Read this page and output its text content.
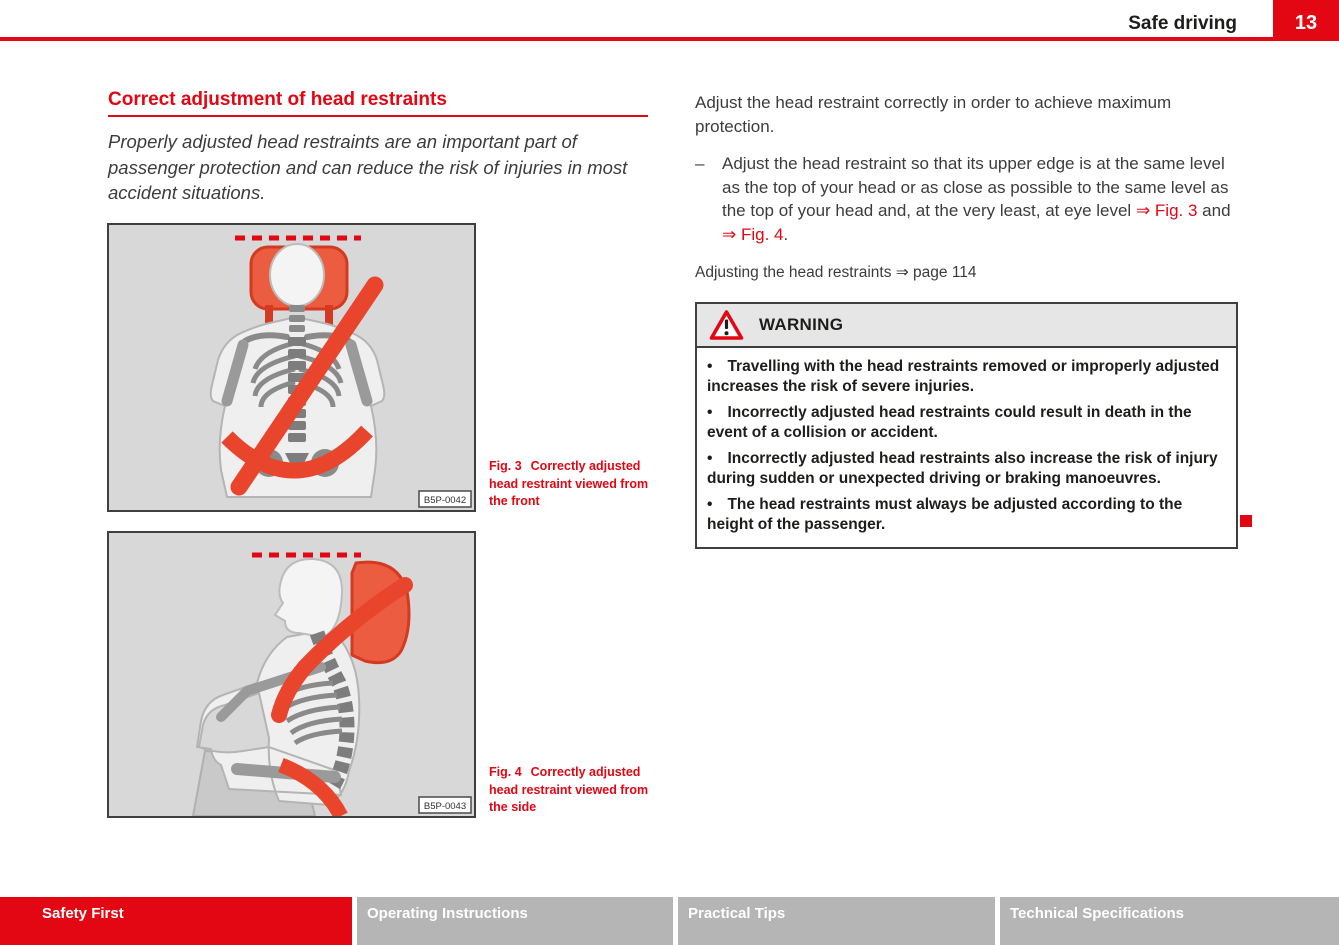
Safe driving	13
Correct adjustment of head restraints
Properly adjusted head restraints are an important part of passenger protection and can reduce the risk of injuries in most accident situations.
B5P-0042
Fig. 3 Correctly adjusted head restraint viewed from the front
B5P-0043
Fig. 4 Correctly adjusted head restraint viewed from the side
Adjust the head restraint correctly in order to achieve maximum protection.
–	Adjust the head restraint so that its upper edge is at the same level as the top of your head or as close as possible to the same level as the top of your head and, at the very least, at eye level ⇒ Fig. 3 and ⇒ Fig. 4.
Adjusting the head restraints ⇒ page 114
WARNING
• Travelling with the head restraints removed or improperly adjusted increases the risk of severe injuries.
• Incorrectly adjusted head restraints could result in death in the event of a collision or accident.
• Incorrectly adjusted head restraints also increase the risk of injury during sudden or unexpected driving or braking manoeuvres.
• The head restraints must always be adjusted according to the height of the passenger.
Safety First	Operating Instructions	Practical Tips	Technical Specifications
